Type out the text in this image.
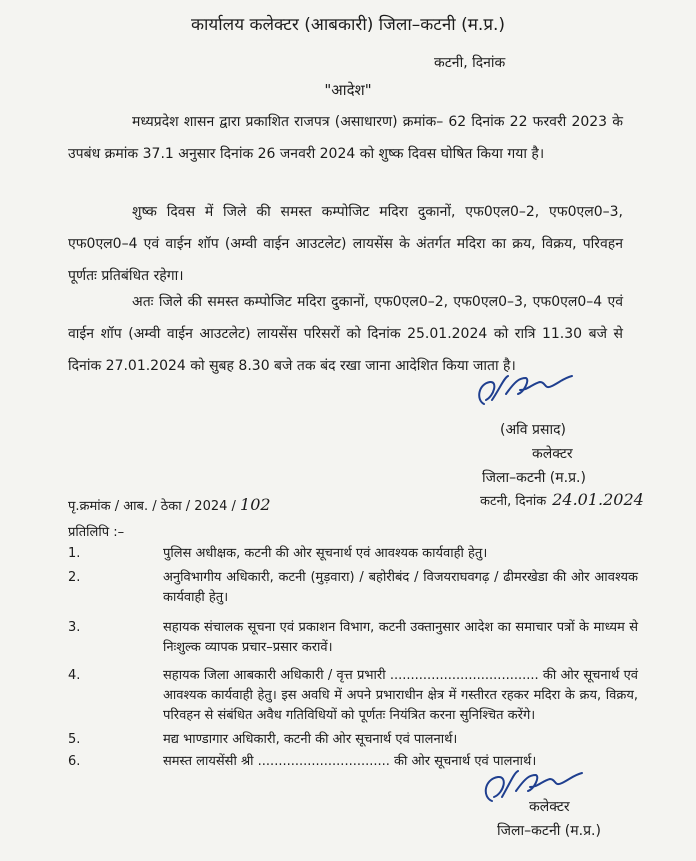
कार्यालय कलेक्टर (आबकारी) जिला–कटनी (म.प्र.)
कटनी, दिनांक
"आदेश"

मध्यप्रदेश शासन द्वारा प्रकाशित राजपत्र (असाधारण) क्रमांक– 62 दिनांक 22 फरवरी 2023 के उपबंध क्रमांक 37.1 अनुसार दिनांक 26 जनवरी 2024 को शुष्क दिवस घोषित किया गया है।

शुष्क दिवस में जिले की समस्त कम्पोजिट मदिरा दुकानों, एफ0एल0–2, एफ0एल0–3, एफ0एल0–4 एवं वाईन शॉप (अम्वी वाईन आउटलेट) लायसेंस के अंतर्गत मदिरा का क्रय, विक्रय, परिवहन पूर्णतः प्रतिबंधित रहेगा।

अतः जिले की समस्त कम्पोजिट मदिरा दुकानों, एफ0एल0–2, एफ0एल0–3, एफ0एल0–4 एवं वाईन शॉप (अम्वी वाईन आउटलेट) लायसेंस परिसरों को दिनांक 25.01.2024 को रात्रि 11.30 बजे से दिनांक 27.01.2024 को सुबह 8.30 बजे तक बंद रखा जाना आदेशित किया जाता है।

(अवि प्रसाद)
कलेक्टर
जिला–कटनी (म.प्र.)
पृ.क्रमांक / आब. / ठेका / 2024 / 102	कटनी, दिनांक 24.01.2024
प्रतिलिपि :–
1.	पुलिस अधीक्षक, कटनी की ओर सूचनार्थ एवं आवश्यक कार्यवाही हेतु।
2.	अनुविभागीय अधिकारी, कटनी (मुड़वारा) / बहोरीबंद / विजयराघवगढ़ / ढीमरखेडा की ओर आवश्यक कार्यवाही हेतु।
3.	सहायक संचालक सूचना एवं प्रकाशन विभाग, कटनी उक्तानुसार आदेश का समाचार पत्रों के माध्यम से निःशुल्क व्यापक प्रचार–प्रसार करावें।
4.	सहायक जिला आबकारी अधिकारी / वृत्त प्रभारी .................................... की ओर सूचनार्थ एवं आवश्यक कार्यवाही हेतु। इस अवधि में अपने प्रभाराधीन क्षेत्र में गस्तीरत रहकर मदिरा के क्रय, विक्रय, परिवहन से संबंधित अवैध गतिविधियों को पूर्णतः नियंत्रित करना सुनिश्चित करेंगे।
5.	मद्य भाण्डागार अधिकारी, कटनी की ओर सूचनार्थ एवं पालनार्थ।
6.	समस्त लायसेंसी श्री ................................ की ओर सूचनार्थ एवं पालनार्थ।
कलेक्टर
जिला–कटनी (म.प्र.)
